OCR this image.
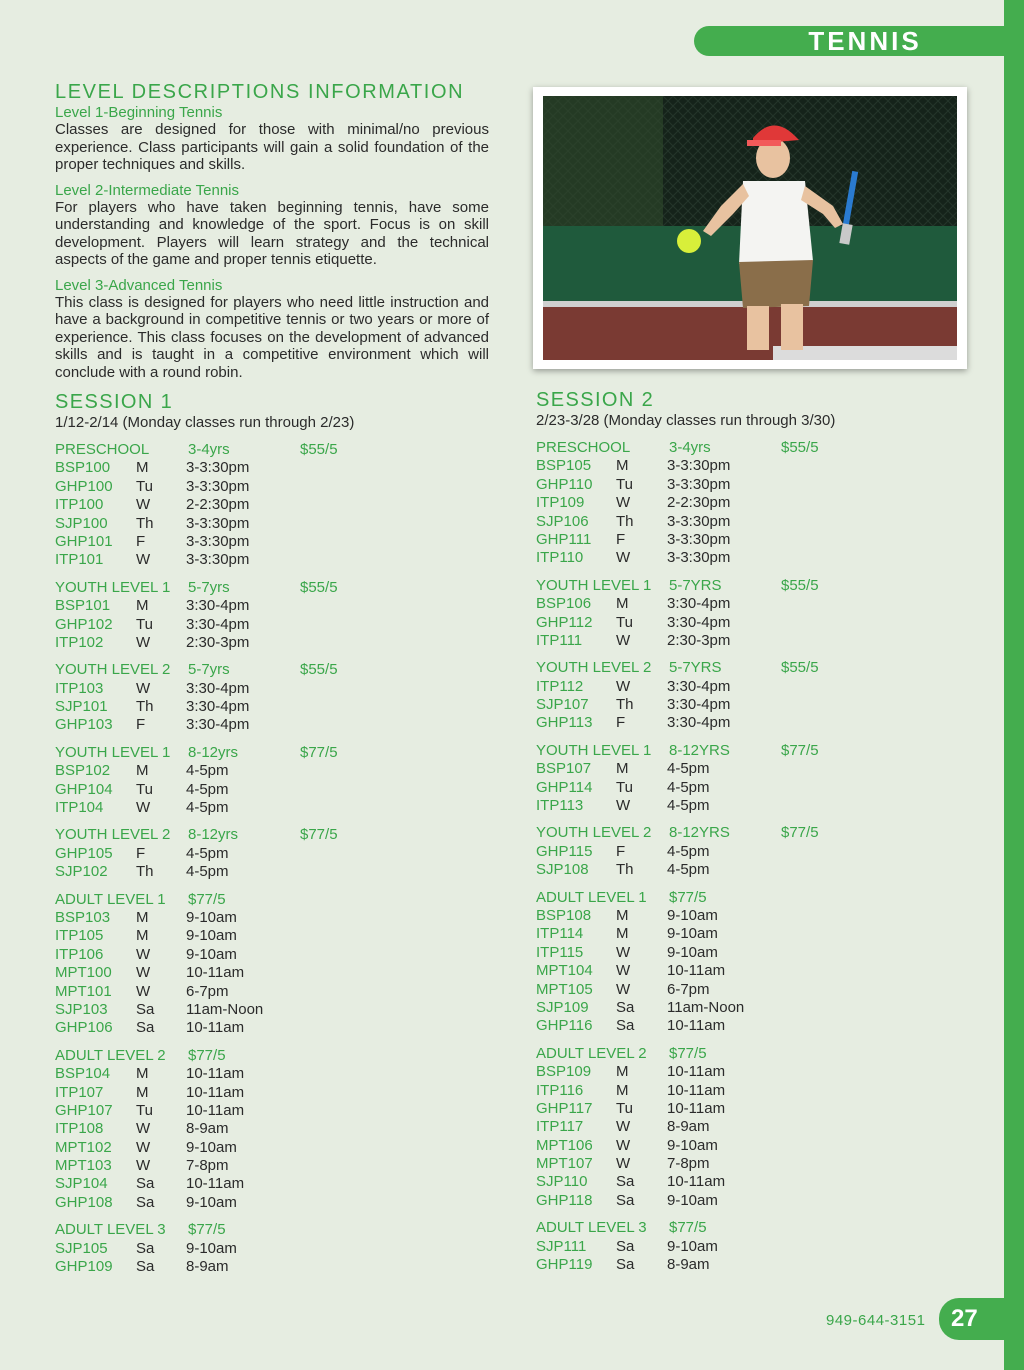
TENNIS
LEVEL DESCRIPTIONS INFORMATION
Level 1-Beginning Tennis

Classes are designed for those with minimal/no previous experience. Class participants will gain a solid foundation of the proper techniques and skills.

Level 2-Intermediate Tennis

For players who have taken beginning tennis, have some understanding and knowledge of the sport. Focus is on skill development. Players will learn strategy and the technical aspects of the game and proper tennis etiquette.

Level 3-Advanced Tennis

This class is designed for players who need little instruction and have a background in competitive tennis or two years or more of experience. This class focuses on the development of advanced skills and is taught in a competitive environment which will conclude with a round robin.

SESSION 1
1/12-2/14 (Monday classes run through 2/23)
PRESCHOOL	3-4yrs	$55/5
BSP100 M	3-3:30pm
GHP100 Tu 3-3:30pm
ITP100 W 2-2:30pm
SJP100 Th 3-3:30pm
GHP101 F	3-3:30pm
ITP101 W 3-3:30pm
YOUTH LEVEL 1 5-7yrs	$55/5
BSP101 M	3:30-4pm
GHP102 Tu 3:30-4pm
ITP102 W 2:30-3pm
YOUTH LEVEL 2 5-7yrs	$55/5
ITP103 W 3:30-4pm
SJP101 Th 3:30-4pm
GHP103 F	3:30-4pm
YOUTH LEVEL 1 8-12yrs	$77/5
BSP102 M	4-5pm
GHP104 Tu 4-5pm
ITP104 W 4-5pm
YOUTH LEVEL 2 8-12yrs	$77/5
GHP105 F	4-5pm
SJP102 Th 4-5pm
ADULT LEVEL 1 $77/5
BSP103 M	9-10am
ITP105 M	9-10am
ITP106 W 9-10am
MPT100 W 10-11am
MPT101 W 6-7pm
SJP103 Sa 11am-Noon
GHP106 Sa 10-11am
ADULT LEVEL 2 $77/5
BSP104 M	10-11am
ITP107 M	10-11am
GHP107 Tu 10-11am
ITP108 W 8-9am
MPT102 W 9-10am
MPT103 W 7-8pm
SJP104 Sa 10-11am
GHP108 Sa 9-10am
ADULT LEVEL 3 $77/5
SJP105 Sa 9-10am
GHP109 Sa 8-9am
SESSION 2
2/23-3/28 (Monday classes run through 3/30)
PRESCHOOL	3-4yrs	$55/5
BSP105 M	3-3:30pm
GHP110 Tu 3-3:30pm
ITP109 W 2-2:30pm
SJP106 Th 3-3:30pm
GHP111 F	3-3:30pm
ITP110 W 3-3:30pm
YOUTH LEVEL 1 5-7YRS	$55/5
BSP106 M	3:30-4pm
GHP112 Tu 3:30-4pm
ITP111 W 2:30-3pm
YOUTH LEVEL 2 5-7YRS	$55/5
ITP112 W 3:30-4pm
SJP107 Th 3:30-4pm
GHP113 F	3:30-4pm
YOUTH LEVEL 1 8-12YRS	$77/5
BSP107 M	4-5pm
GHP114 Tu 4-5pm
ITP113 W 4-5pm
YOUTH LEVEL 2 8-12YRS	$77/5
GHP115 F	4-5pm
SJP108 Th 4-5pm
ADULT LEVEL 1 $77/5
BSP108 M	9-10am
ITP114 M	9-10am
ITP115 W 9-10am
MPT104 W 10-11am
MPT105 W 6-7pm
SJP109 Sa 11am-Noon
GHP116 Sa 10-11am
ADULT LEVEL 2 $77/5
BSP109 M	10-11am
ITP116 M	10-11am
GHP117 Tu 10-11am
ITP117 W 8-9am
MPT106 W 9-10am
MPT107 W 7-8pm
SJP110 Sa 10-11am
GHP118 Sa 9-10am
ADULT LEVEL 3 $77/5
SJP111 Sa 9-10am
GHP119 Sa 8-9am
949-644-3151	27
